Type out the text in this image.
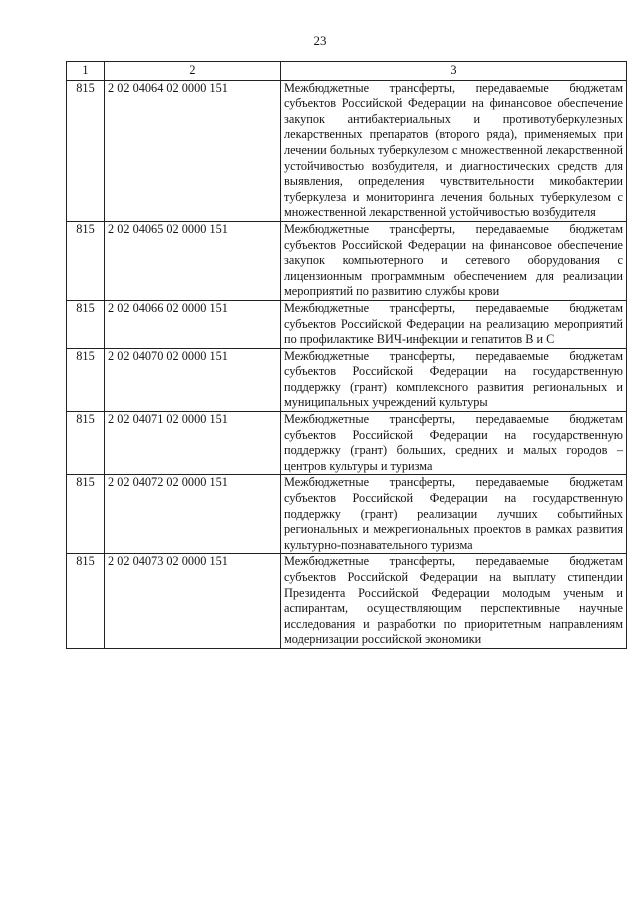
23
1	2	3
815	2 02 04064 02 0000 151	Межбюджетные трансферты, передаваемые бюджетам субъектов Российской Федерации на финансовое обеспечение закупок антибактериальных и противотуберкулезных лекарственных препаратов (второго ряда), применяемых при лечении больных туберкулезом с множественной лекарственной устойчивостью возбудителя, и диагностических средств для выявления, определения чувствительности микобактерии туберкулеза и мониторинга лечения больных туберкулезом с множественной лекарственной устойчивостью возбудителя
815	2 02 04065 02 0000 151	Межбюджетные трансферты, передаваемые бюджетам субъектов Российской Федерации на финансовое обеспечение закупок компьютерного и сетевого оборудования с лицензионным программным обеспечением для реализации мероприятий по развитию службы крови
815	2 02 04066 02 0000 151	Межбюджетные трансферты, передаваемые бюджетам субъектов Российской Федерации на реализацию мероприятий по профилактике ВИЧ-инфекции и гепатитов В и С
815	2 02 04070 02 0000 151	Межбюджетные трансферты, передаваемые бюджетам субъектов Российской Федерации на государственную поддержку (грант) комплексного развития региональных и муниципальных учреждений культуры
815	2 02 04071 02 0000 151	Межбюджетные трансферты, передаваемые бюджетам субъектов Российской Федерации на государственную поддержку (грант) больших, средних и малых городов – центров культуры и туризма
815	2 02 04072 02 0000 151	Межбюджетные трансферты, передаваемые бюджетам субъектов Российской Федерации на государственную поддержку (грант) реализации лучших событийных региональных и межрегиональных проектов в рамках развития культурно-познавательного туризма
815	2 02 04073 02 0000 151	Межбюджетные трансферты, передаваемые бюджетам субъектов Российской Федерации на выплату стипендии Президента Российской Федерации молодым ученым и аспирантам, осуществляющим перспективные научные исследования и разработки по приоритетным направлениям модернизации российской экономики
